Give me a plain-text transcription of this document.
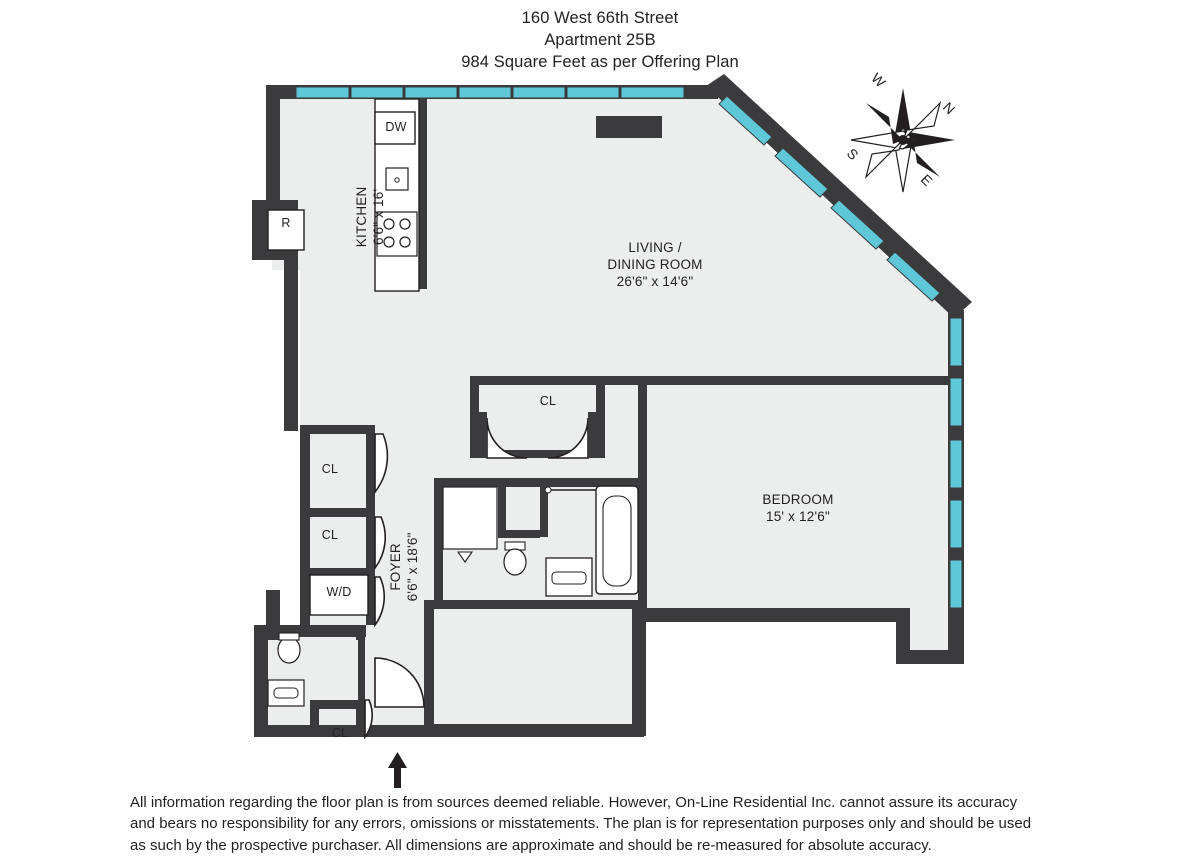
160 West 66th Street
Apartment 25B
984 Square Feet as per Offering Plan
KITCHEN 6'6" x 16'
LIVING /
DINING ROOM
26'6" x 14'6"
BEDROOM
15' x 12'6"
FOYER 6'6" x 18'6"
DW
R
W/D
CL
CL
CL
CL
N
E
S
W
All information regarding the floor plan is from sources deemed reliable. However, On-Line Residential Inc. cannot assure its accuracy
and bears no responsibility for any errors, omissions or misstatements. The plan is for representation purposes only and should be used
as such by the prospective purchaser. All dimensions are approximate and should be re-measured for absolute accuracy.
